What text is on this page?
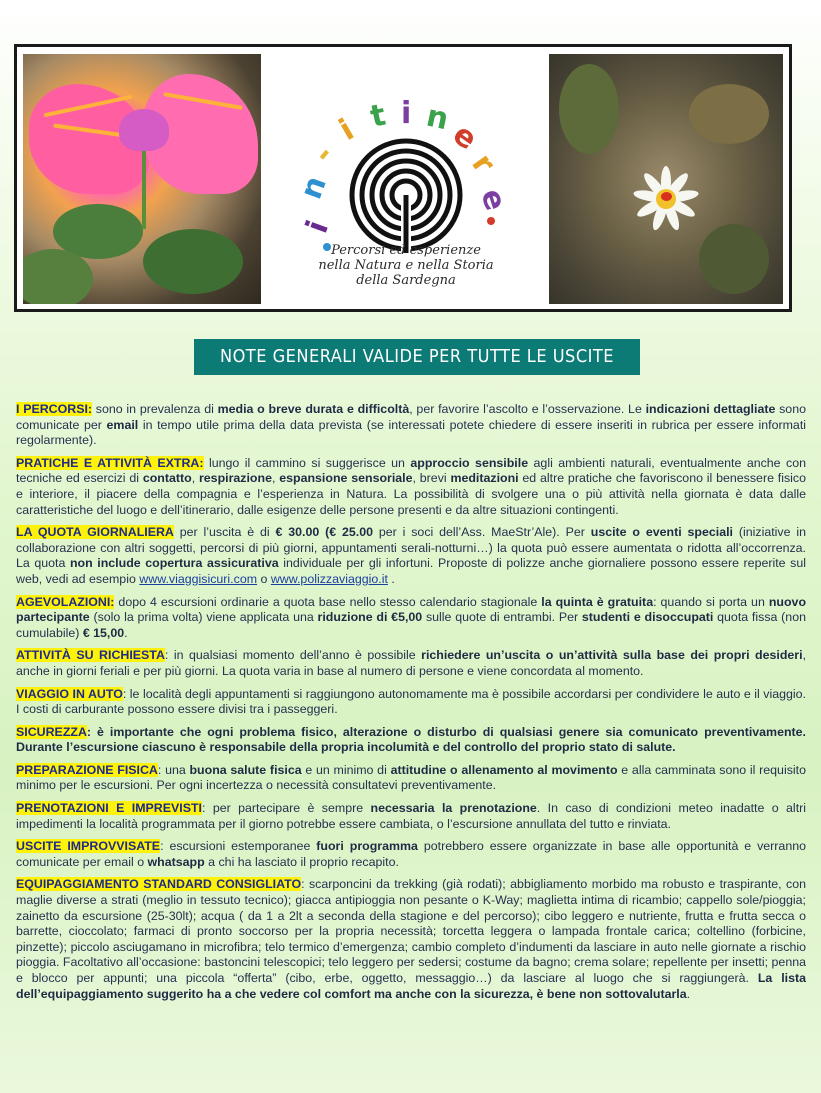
i
n
-
i t i n
e
r
e
Percorsi ed esperienze
nella Natura e nella Storia
della Sardegna
NOTE GENERALI VALIDE PER TUTTE LE USCITE

I PERCORSI: sono in prevalenza di media o breve durata e difficoltà, per favorire l’ascolto e l’osservazione. Le indicazioni dettagliate sono comunicate per email in tempo utile prima della data prevista (se interessati potete chiedere di essere inseriti in rubrica per essere informati regolarmente).

PRATICHE E ATTIVITÀ EXTRA: lungo il cammino si suggerisce un approccio sensibile agli ambienti naturali, eventualmente anche con tecniche ed esercizi di contatto, respirazione, espansione sensoriale, brevi meditazioni ed altre pratiche che favoriscono il benessere fisico e interiore, il piacere della compagnia e l’esperienza in Natura. La possibilità di svolgere una o più attività nella giornata è data dalle caratteristiche del luogo e dell’itinerario, dalle esigenze delle persone presenti e da altre situazioni contingenti.

LA QUOTA GIORNALIERA per l’uscita è di € 30.00 (€ 25.00 per i soci dell’Ass. MaeStr’Ale). Per uscite o eventi speciali (iniziative in collaborazione con altri soggetti, percorsi di più giorni, appuntamenti serali-notturni…) la quota può essere aumentata o ridotta all’occorrenza. La quota non include copertura assicurativa individuale per gli infortuni. Proposte di polizze anche giornaliere possono essere reperite sul web, vedi ad esempio www.viaggisicuri.com o www.polizzaviaggio.it .

AGEVOLAZIONI: dopo 4 escursioni ordinarie a quota base nello stesso calendario stagionale la quinta è gratuita: quando si porta un nuovo partecipante (solo la prima volta) viene applicata una riduzione di €5,00 sulle quote di entrambi. Per studenti e disoccupati quota fissa (non cumulabile) € 15,00.

ATTIVITÀ SU RICHIESTA: in qualsiasi momento dell’anno è possibile richiedere un’uscita o un’attività sulla base dei propri desideri, anche in giorni feriali e per più giorni. La quota varia in base al numero di persone e viene concordata al momento.

VIAGGIO IN AUTO: le località degli appuntamenti si raggiungono autonomamente ma è possibile accordarsi per condividere le auto e il viaggio. I costi di carburante possono essere divisi tra i passeggeri.

SICUREZZA: è importante che ogni problema fisico, alterazione o disturbo di qualsiasi genere sia comunicato preventivamente. Durante l’escursione ciascuno è responsabile della propria incolumità e del controllo del proprio stato di salute.

PREPARAZIONE FISICA: una buona salute fisica e un minimo di attitudine o allenamento al movimento e alla camminata sono il requisito minimo per le escursioni. Per ogni incertezza o necessità consultatevi preventivamente.

PRENOTAZIONI E IMPREVISTI: per partecipare è sempre necessaria la prenotazione. In caso di condizioni meteo inadatte o altri impedimenti la località programmata per il giorno potrebbe essere cambiata, o l’escursione annullata del tutto e rinviata.

USCITE IMPROVVISATE: escursioni estemporanee fuori programma potrebbero essere organizzate in base alle opportunità e verranno comunicate per email o whatsapp a chi ha lasciato il proprio recapito.

EQUIPAGGIAMENTO STANDARD CONSIGLIATO: scarponcini da trekking (già rodati); abbigliamento morbido ma robusto e traspirante, con maglie diverse a strati (meglio in tessuto tecnico); giacca antipioggia non pesante o K-Way; maglietta intima di ricambio; cappello sole/pioggia; zainetto da escursione (25-30lt); acqua ( da 1 a 2lt a seconda della stagione e del percorso); cibo leggero e nutriente, frutta e frutta secca o barrette, cioccolato; farmaci di pronto soccorso per la propria necessità; torcetta leggera o lampada frontale carica; coltellino (forbicine, pinzette); piccolo asciugamano in microfibra; telo termico d’emergenza; cambio completo d’indumenti da lasciare in auto nelle giornate a rischio pioggia. Facoltativo all’occasione: bastoncini telescopici; telo leggero per sedersi; costume da bagno; crema solare; repellente per insetti; penna e blocco per appunti; una piccola “offerta” (cibo, erbe, oggetto, messaggio…) da lasciare al luogo che si raggiungerà. La lista dell’equipaggiamento suggerito ha a che vedere col comfort ma anche con la sicurezza, è bene non sottovalutarla.
